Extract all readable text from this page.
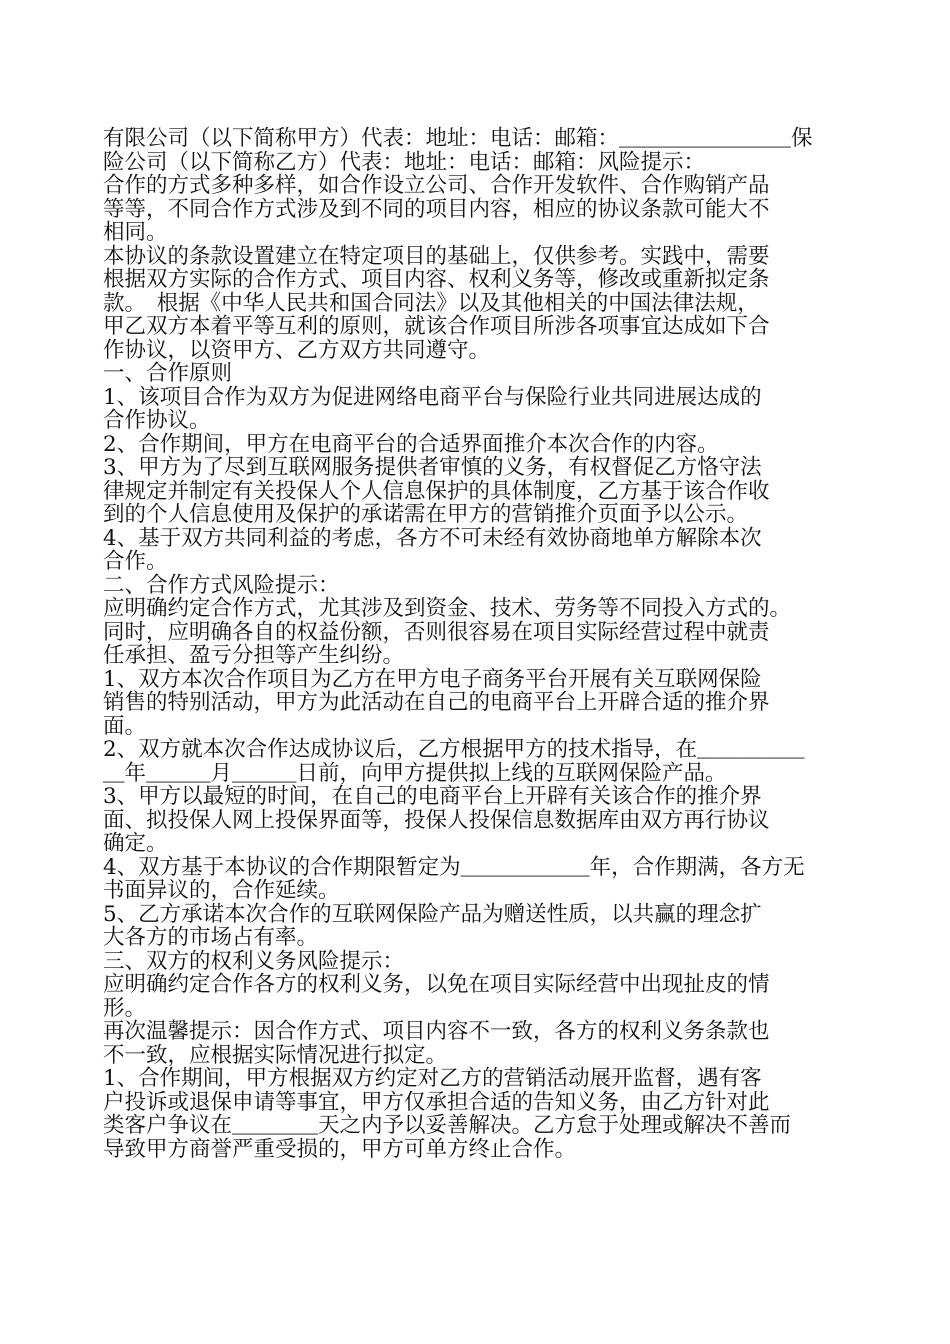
有限公司（以下简称甲方）代表：地址：电话：邮箱：＿＿＿＿＿＿＿＿保
险公司（以下简称乙方）代表：地址：电话：邮箱：风险提示：
合作的方式多种多样，如合作设立公司、合作开发软件、合作购销产品
等等，不同合作方式涉及到不同的项目内容，相应的协议条款可能大不
相同。
本协议的条款设置建立在特定项目的基础上，仅供参考。实践中，需要
根据双方实际的合作方式、项目内容、权利义务等，修改或重新拟定条
款。　根据《中华人民共和国合同法》以及其他相关的中国法律法规，
甲乙双方本着平等互利的原则，就该合作项目所涉各项事宜达成如下合
作协议，以资甲方、乙方双方共同遵守。
一、合作原则
1、该项目合作为双方为促进网络电商平台与保险行业共同进展达成的
合作协议。
2、合作期间，甲方在电商平台的合适界面推介本次合作的内容。
3、甲方为了尽到互联网服务提供者审慎的义务，有权督促乙方恪守法
律规定并制定有关投保人个人信息保护的具体制度，乙方基于该合作收
到的个人信息使用及保护的承诺需在甲方的营销推介页面予以公示。
4、基于双方共同利益的考虑，各方不可未经有效协商地单方解除本次
合作。
二、合作方式风险提示：
应明确约定合作方式，尤其涉及到资金、技术、劳务等不同投入方式的。
同时，应明确各自的权益份额，否则很容易在项目实际经营过程中就责
任承担、盈亏分担等产生纠纷。
1、双方本次合作项目为乙方在甲方电子商务平台开展有关互联网保险
销售的特别活动，甲方为此活动在自己的电商平台上开辟合适的推介界
面。
2、双方就本次合作达成协议后，乙方根据甲方的技术指导，在＿＿＿＿＿
＿年＿＿＿月＿＿＿日前，向甲方提供拟上线的互联网保险产品。
3、甲方以最短的时间，在自己的电商平台上开辟有关该合作的推介界
面、拟投保人网上投保界面等，投保人投保信息数据库由双方再行协议
确定。
4、双方基于本协议的合作期限暂定为＿＿＿＿＿＿年，合作期满，各方无
书面异议的，合作延续。
5、乙方承诺本次合作的互联网保险产品为赠送性质，以共赢的理念扩
大各方的市场占有率。
三、双方的权利义务风险提示：
应明确约定合作各方的权利义务，以免在项目实际经营中出现扯皮的情
形。
再次温馨提示：因合作方式、项目内容不一致，各方的权利义务条款也
不一致，应根据实际情况进行拟定。
1、合作期间，甲方根据双方约定对乙方的营销活动展开监督，遇有客
户投诉或退保申请等事宜，甲方仅承担合适的告知义务，由乙方针对此
类客户争议在＿＿＿＿天之内予以妥善解决。乙方怠于处理或解决不善而
导致甲方商誉严重受损的，甲方可单方终止合作。
